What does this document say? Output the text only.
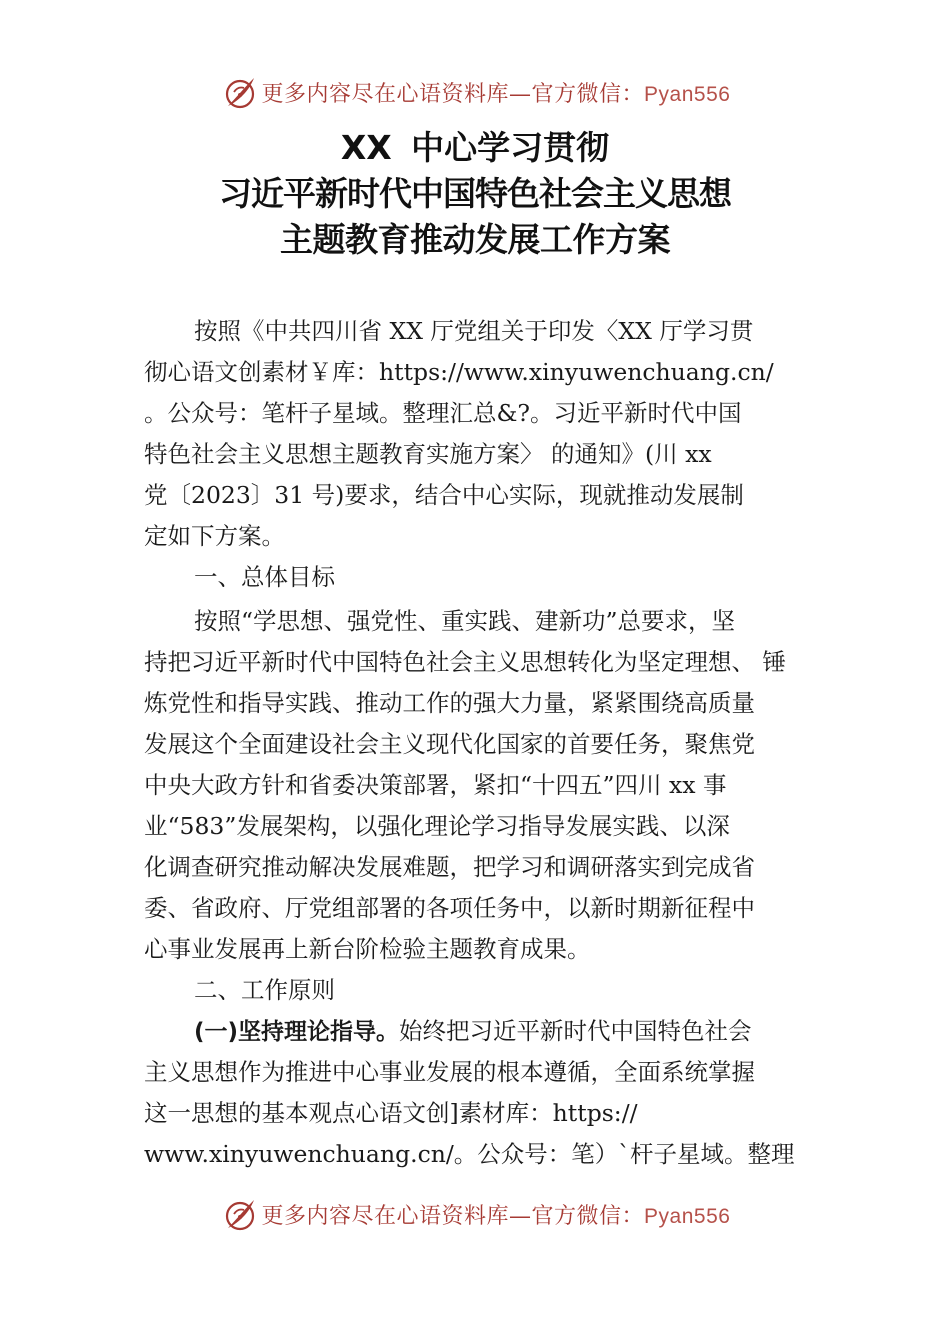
更多内容尽在心语资料库—官方微信：Pyan556
XX 中心学习贯彻
习近平新时代中国特色社会主义思想
主题教育推动发展工作方案
按照《中共四川省 XX 厅党组关于印发〈XX 厅学习贯
彻心语文创素材￥库：https://www.xinyuwenchuang.cn/
。公众号：笔杆子星域。整理汇总&?。习近平新时代中国
特色社会主义思想主题教育实施方案〉 的通知》(川 xx
党〔2023〕31 号)要求，结合中心实际，现就推动发展制
定如下方案。
一、总体目标
按照“学思想、强党性、重实践、建新功”总要求，坚
持把习近平新时代中国特色社会主义思想转化为坚定理想、 锤
炼党性和指导实践、推动工作的强大力量，紧紧围绕高质量
发展这个全面建设社会主义现代化国家的首要任务，聚焦党
中央大政方针和省委决策部署，紧扣“十四五”四川 xx 事
业“583”发展架构，以强化理论学习指导发展实践、以深
化调查研究推动解决发展难题，把学习和调研落实到完成省
委、省政府、厅党组部署的各项任务中，以新时期新征程中
心事业发展再上新台阶检验主题教育成果。
二、工作原则
(一)坚持理论指导。始终把习近平新时代中国特色社会
主义思想作为推进中心事业发展的根本遵循，全面系统掌握
这一思想的基本观点心语文创]素材库：https://
www.xinyuwenchuang.cn/。公众号：笔）`杆子星域。整理
更多内容尽在心语资料库—官方微信：Pyan556
